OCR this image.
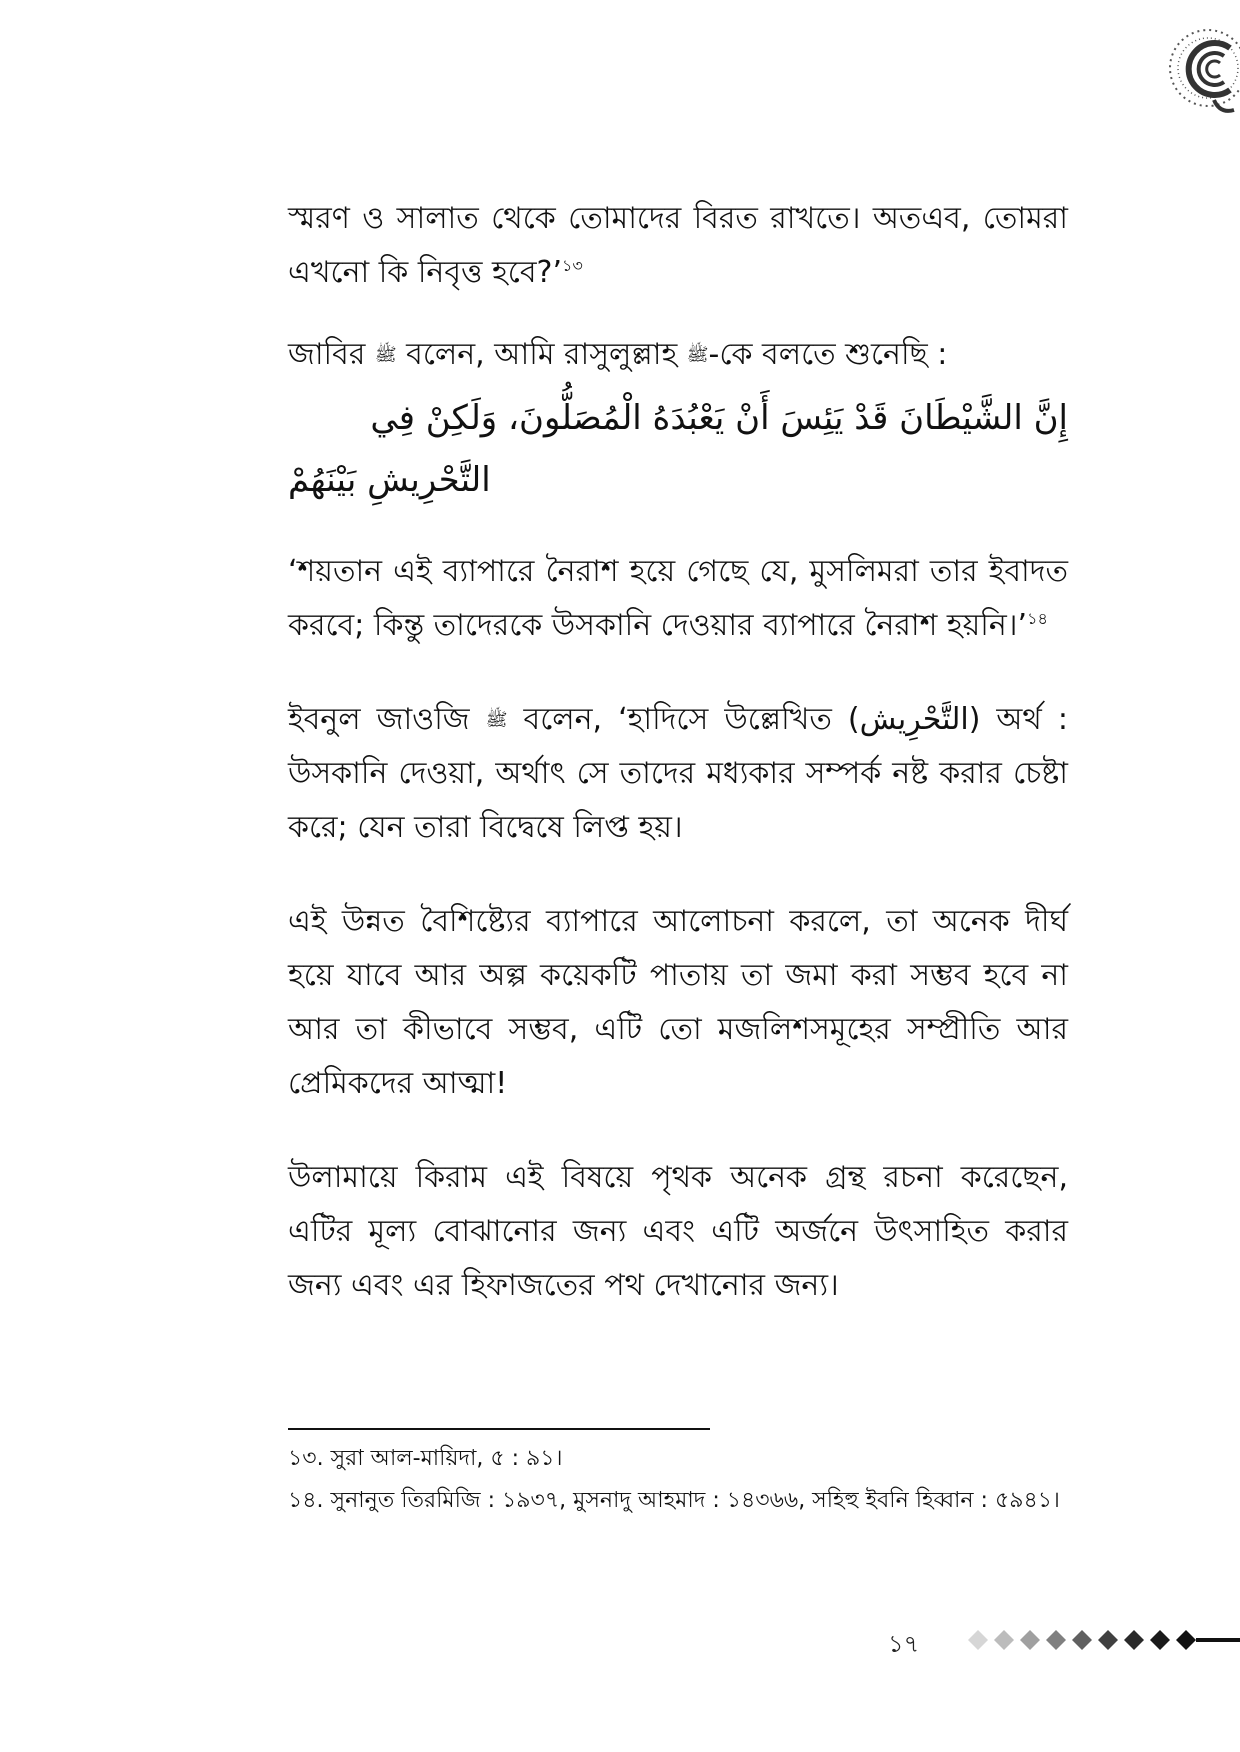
স্মরণ ও সালাত থেকে তোমাদের বিরত রাখতে। অতএব, তোমরা এখনো কি নিবৃত্ত হবে?’$^{১৩}$

জাবির ﷺ বলেন, আমি রাসুলুল্লাহ ﷺ-কে বলতে শুনেছি :

إِنَّ الشَّيْطَانَ قَدْ يَئِسَ أَنْ يَعْبُدَهُ الْمُصَلُّونَ، وَلَكِنْ فِي التَّحْرِيشِ بَيْنَهُمْ

‘শয়তান এই ব্যাপারে নৈরাশ হয়ে গেছে যে, মুসলিমরা তার ইবাদত করবে; কিন্তু তাদেরকে উসকানি দেওয়ার ব্যাপারে নৈরাশ হয়নি।’$^{১৪}$

ইবনুল জাওজি ﷺ বলেন, ‘হাদিসে উল্লেখিত (التَّحْرِيش) অর্থ : উসকানি দেওয়া, অর্থাৎ সে তাদের মধ্যকার সম্পর্ক নষ্ট করার চেষ্টা করে; যেন তারা বিদ্বেষে লিপ্ত হয়।

এই উন্নত বৈশিষ্ট্যের ব্যাপারে আলোচনা করলে, তা অনেক দীর্ঘ হয়ে যাবে আর অল্প কয়েকটি পাতায় তা জমা করা সম্ভব হবে না আর তা কীভাবে সম্ভব, এটি তো মজলিশসমূহের সম্প্রীতি আর প্রেমিকদের আত্মা!

উলামায়ে কিরাম এই বিষয়ে পৃথক অনেক গ্রন্থ রচনা করেছেন, এটির মূল্য বোঝানোর জন্য এবং এটি অর্জনে উৎসাহিত করার জন্য এবং এর হিফাজতের পথ দেখানোর জন্য।

১৩. সুরা আল-মায়িদা, ৫ : ৯১।

১৪. সুনানুত তিরমিজি : ১৯৩৭, মুসনাদু আহমাদ : ১৪৩৬৬, সহিহু ইবনি হিব্বান : ৫৯৪১।

১৭
